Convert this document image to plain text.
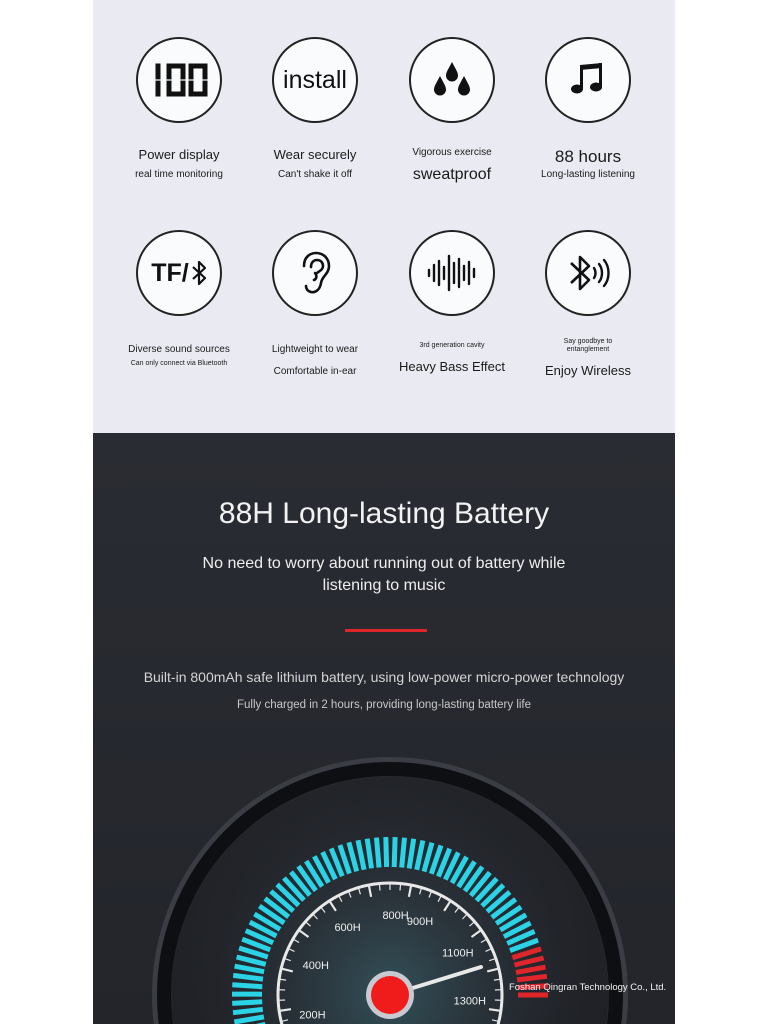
Power display

real time monitoring

install

Wear securely

Can't shake it off

Vigorous exercise

sweatproof

88 hours

Long-lasting listening

TF/

Diverse sound sources

Can only connect via Bluetooth

Lightweight to wear

Comfortable in-ear

3rd generation cavity

Heavy Bass Effect

Say goodbye to

entanglement

Enjoy Wireless

88H Long-lasting Battery

No need to worry about running out of battery while listening to music

Built-in 800mAh safe lithium battery, using low-power micro-power technology

Fully charged in 2 hours, providing long-lasting battery life

200H
400H
600H
800H
900H
1100H
1300H

Foshan Qingran Technology Co., Ltd.
